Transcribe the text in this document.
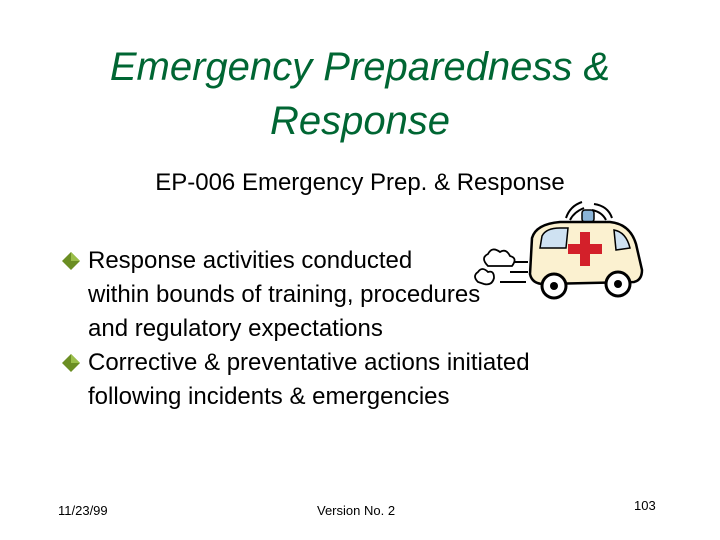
Emergency Preparedness &
Response
EP-006 Emergency Prep. & Response
Response activities conducted
within bounds of training, procedures
and regulatory expectations
Corrective & preventative actions initiated
following incidents & emergencies
11/23/99	Version No. 2	103
